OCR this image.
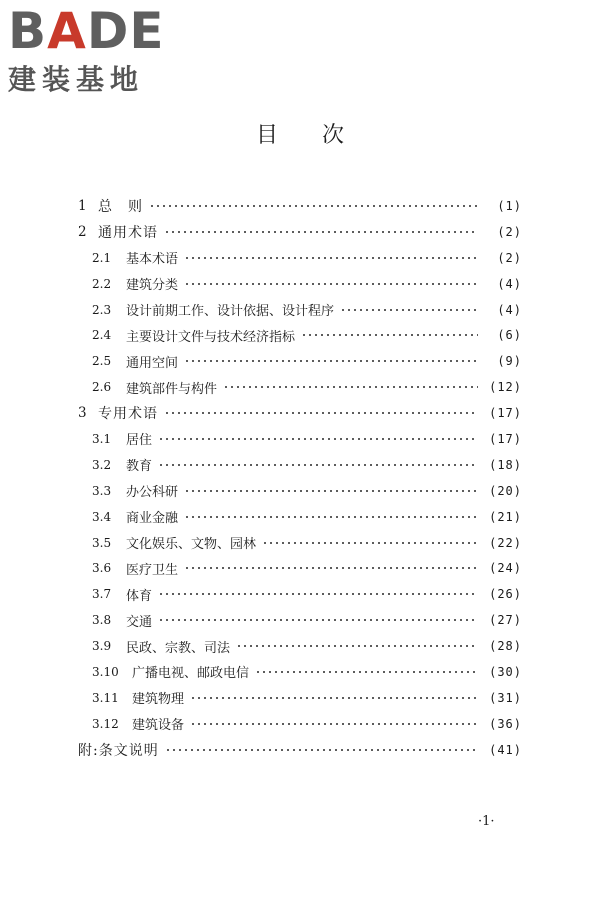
BADE
建装基地
目次
1 总　则	(1)
2 通用术语	(2)
2.1	基本术语	(2)
2.2	建筑分类	(4)
2.3	设计前期工作、设计依据、设计程序	(4)
2.4	主要设计文件与技术经济指标	(6)
2.5	通用空间	(9)
2.6	建筑部件与构件	(12)
3 专用术语	(17)
3.1	居住	(17)
3.2	教育	(18)
3.3	办公科研	(20)
3.4	商业金融	(21)
3.5	文化娱乐、文物、园林	(22)
3.6	医疗卫生	(24)
3.7	体育	(26)
3.8	交通	(27)
3.9	民政、宗教、司法	(28)
3.10	广播电视、邮政电信	(30)
3.11	建筑物理	(31)
3.12	建筑设备	(36)
附:条文说明	(41)
·1·
